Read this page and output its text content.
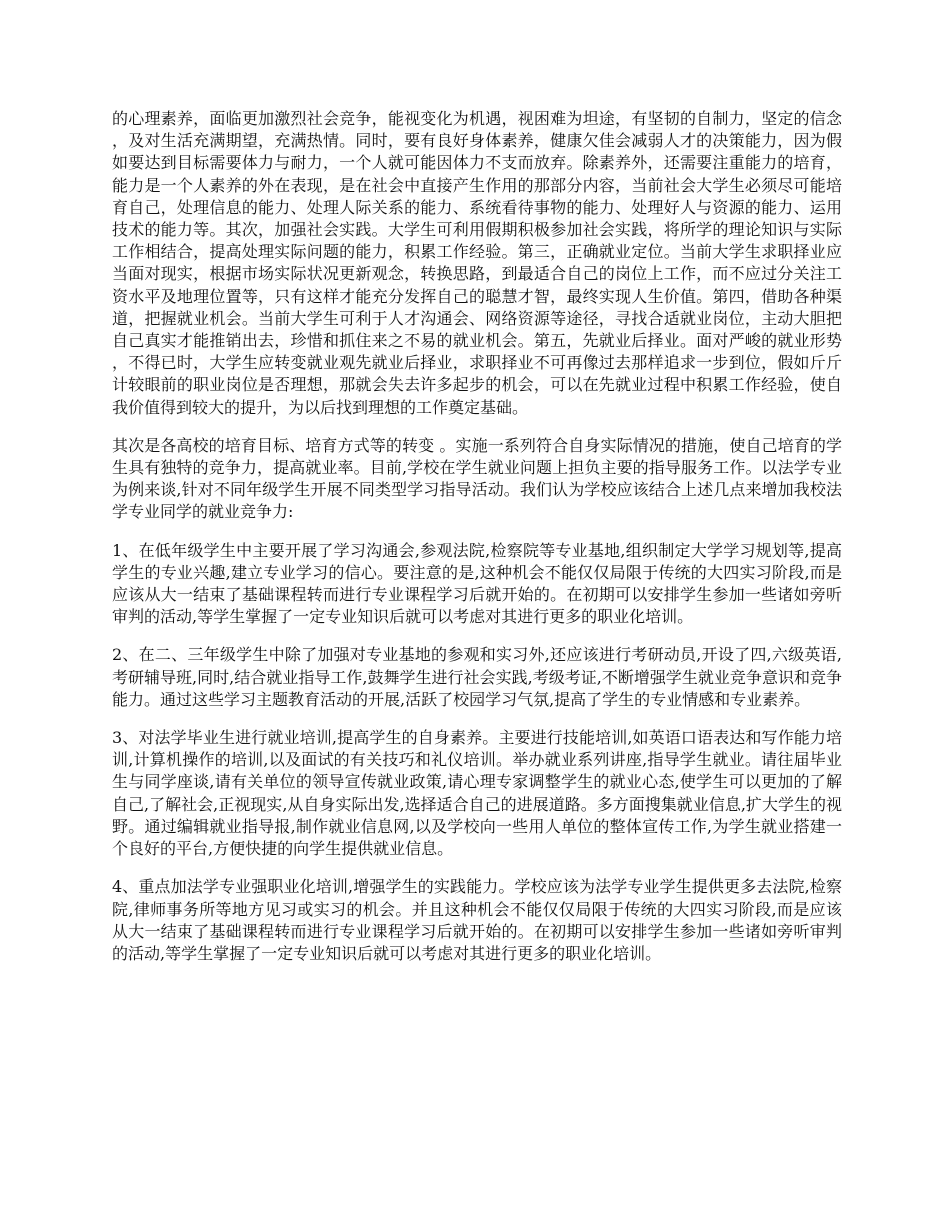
的心理素养，面临更加激烈社会竞争，能视变化为机遇，视困难为坦途，有坚韧的自制力，坚定的信念，及对生活充满期望，充满热情。同时，要有良好身体素养，健康欠佳会减弱人才的决策能力，因为假如要达到目标需要体力与耐力，一个人就可能因体力不支而放弃。除素养外，还需要注重能力的培育，能力是一个人素养的外在表现，是在社会中直接产生作用的那部分内容，当前社会大学生必须尽可能培育自己，处理信息的能力、处理人际关系的能力、系统看待事物的能力、处理好人与资源的能力、运用技术的能力等。其次，加强社会实践。大学生可利用假期积极参加社会实践，将所学的理论知识与实际工作相结合，提高处理实际问题的能力，积累工作经验。第三，正确就业定位。当前大学生求职择业应当面对现实，根据市场实际状况更新观念，转换思路，到最适合自己的岗位上工作，而不应过分关注工资水平及地理位置等，只有这样才能充分发挥自己的聪慧才智，最终实现人生价值。第四，借助各种渠道，把握就业机会。当前大学生可利于人才沟通会、网络资源等途径，寻找合适就业岗位，主动大胆把自己真实才能推销出去，珍惜和抓住来之不易的就业机会。第五，先就业后择业。面对严峻的就业形势，不得已时，大学生应转变就业观先就业后择业，求职择业不可再像过去那样追求一步到位，假如斤斤计较眼前的职业岗位是否理想，那就会失去许多起步的机会，可以在先就业过程中积累工作经验，使自我价值得到较大的提升，为以后找到理想的工作奠定基础。

其次是各高校的培育目标、培育方式等的转变 。实施一系列符合自身实际情况的措施，使自己培育的学生具有独特的竞争力，提高就业率。目前,学校在学生就业问题上担负主要的指导服务工作。以法学专业为例来谈,针对不同年级学生开展不同类型学习指导活动。我们认为学校应该结合上述几点来增加我校法学专业同学的就业竞争力:

1、在低年级学生中主要开展了学习沟通会,参观法院,检察院等专业基地,组织制定大学学习规划等,提高学生的专业兴趣,建立专业学习的信心。要注意的是,这种机会不能仅仅局限于传统的大四实习阶段,而是应该从大一结束了基础课程转而进行专业课程学习后就开始的。在初期可以安排学生参加一些诸如旁听审判的活动,等学生掌握了一定专业知识后就可以考虑对其进行更多的职业化培训。

2、在二、三年级学生中除了加强对专业基地的参观和实习外,还应该进行考研动员,开设了四,六级英语,考研辅导班,同时,结合就业指导工作,鼓舞学生进行社会实践,考级考证,不断增强学生就业竞争意识和竞争能力。通过这些学习主题教育活动的开展,活跃了校园学习气氛,提高了学生的专业情感和专业素养。

3、对法学毕业生进行就业培训,提高学生的自身素养。主要进行技能培训,如英语口语表达和写作能力培训,计算机操作的培训,以及面试的有关技巧和礼仪培训。举办就业系列讲座,指导学生就业。请往届毕业生与同学座谈,请有关单位的领导宣传就业政策,请心理专家调整学生的就业心态,使学生可以更加的了解自己,了解社会,正视现实,从自身实际出发,选择适合自己的进展道路。多方面搜集就业信息,扩大学生的视野。通过编辑就业指导报,制作就业信息网,以及学校向一些用人单位的整体宣传工作,为学生就业搭建一个良好的平台,方便快捷的向学生提供就业信息。

4、重点加法学专业强职业化培训,增强学生的实践能力。学校应该为法学专业学生提供更多去法院,检察院,律师事务所等地方见习或实习的机会。并且这种机会不能仅仅局限于传统的大四实习阶段,而是应该从大一结束了基础课程转而进行专业课程学习后就开始的。在初期可以安排学生参加一些诸如旁听审判的活动,等学生掌握了一定专业知识后就可以考虑对其进行更多的职业化培训。
